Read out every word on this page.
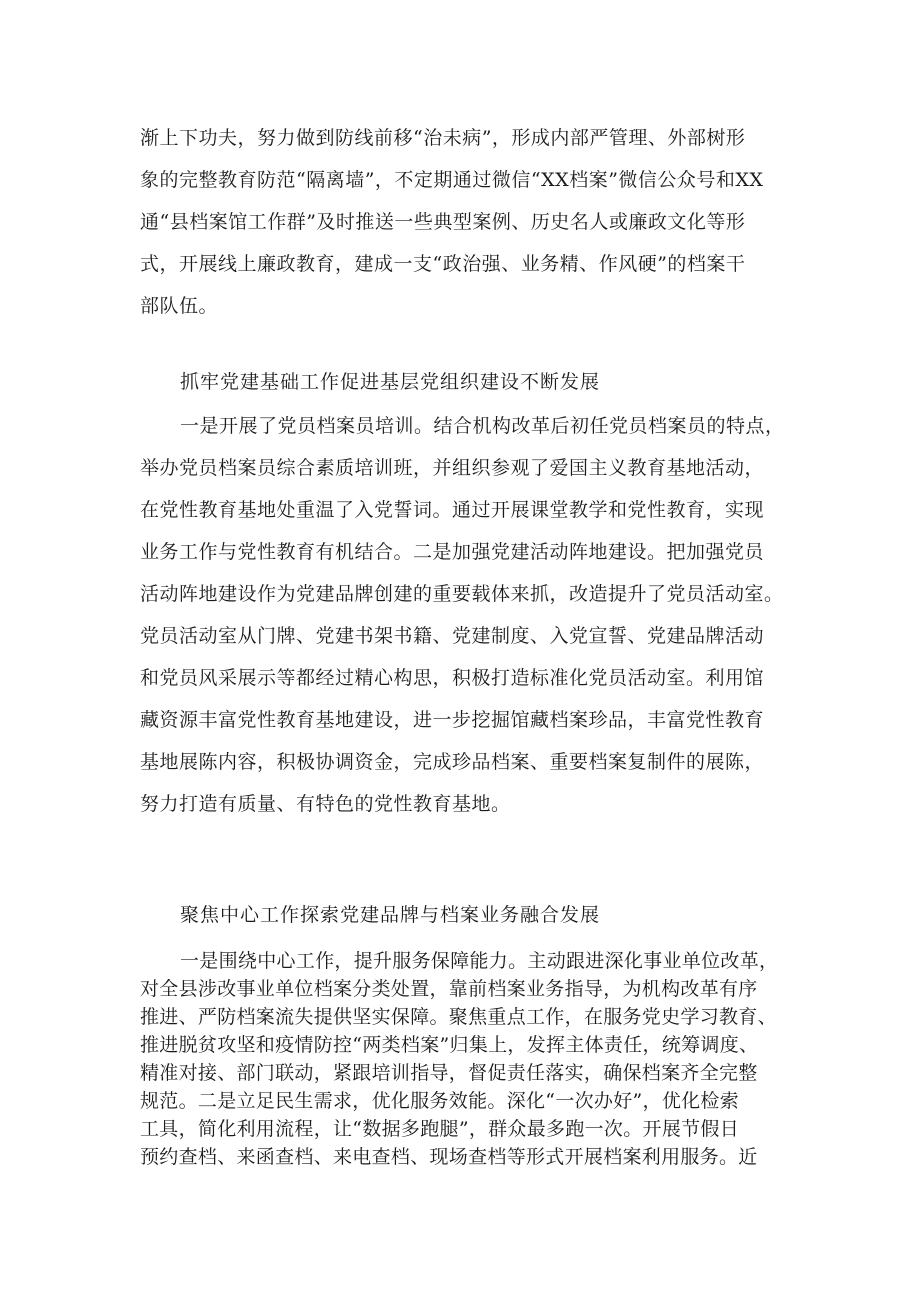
渐上下功夫，努力做到防线前移“治未病”，形成内部严管理、外部树形
象的完整教育防范“隔离墙”，不定期通过微信“XX档案”微信公众号和XX
通“县档案馆工作群”及时推送一些典型案例、历史名人或廉政文化等形
式，开展线上廉政教育，建成一支“政治强、业务精、作风硬”的档案干
部队伍。
抓牢党建基础工作促进基层党组织建设不断发展
一是开展了党员档案员培训。结合机构改革后初任党员档案员的特点，
举办党员档案员综合素质培训班，并组织参观了爱国主义教育基地活动，
在党性教育基地处重温了入党誓词。通过开展课堂教学和党性教育，实现
业务工作与党性教育有机结合。二是加强党建活动阵地建设。把加强党员
活动阵地建设作为党建品牌创建的重要载体来抓，改造提升了党员活动室。
党员活动室从门牌、党建书架书籍、党建制度、入党宣誓、党建品牌活动
和党员风采展示等都经过精心构思，积极打造标准化党员活动室。利用馆
藏资源丰富党性教育基地建设，进一步挖掘馆藏档案珍品，丰富党性教育
基地展陈内容，积极协调资金，完成珍品档案、重要档案复制件的展陈，
努力打造有质量、有特色的党性教育基地。
聚焦中心工作探索党建品牌与档案业务融合发展
一是围绕中心工作，提升服务保障能力。主动跟进深化事业单位改革，
对全县涉改事业单位档案分类处置，靠前档案业务指导，为机构改革有序
推进、严防档案流失提供坚实保障。聚焦重点工作，在服务党史学习教育、
推进脱贫攻坚和疫情防控“两类档案”归集上，发挥主体责任，统筹调度、
精准对接、部门联动，紧跟培训指导，督促责任落实，确保档案齐全完整
规范。二是立足民生需求，优化服务效能。深化“一次办好”，优化检索
工具，简化利用流程，让“数据多跑腿”，群众最多跑一次。开展节假日
预约查档、来函查档、来电查档、现场查档等形式开展档案利用服务。近
